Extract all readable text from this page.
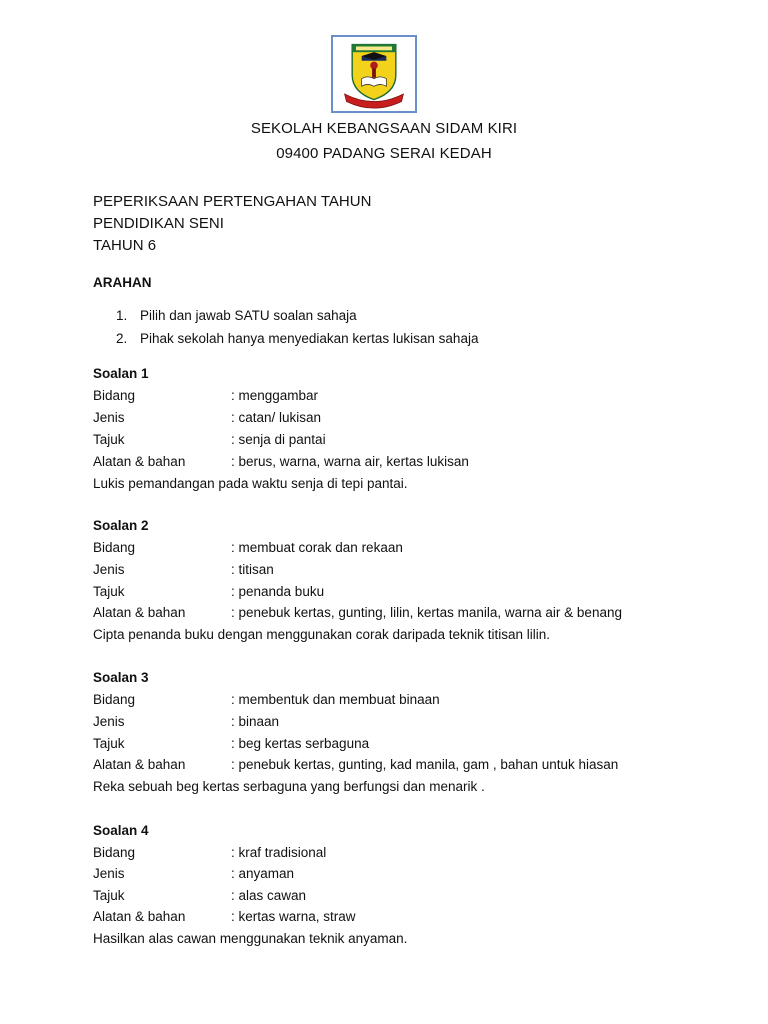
SEKOLAH KEBANGSAAN SIDAM KIRI
09400 PADANG SERAI KEDAH
PEPERIKSAAN PERTENGAHAN TAHUN
PENDIDIKAN SENI
TAHUN 6
ARAHAN
1. Pilih dan jawab SATU soalan sahaja
2. Pihak sekolah hanya menyediakan kertas lukisan sahaja
Soalan 1
Bidang	: menggambar
Jenis	: catan/ lukisan
Tajuk	: senja di pantai
Alatan & bahan	: berus, warna, warna air, kertas lukisan
Lukis pemandangan pada waktu senja di tepi pantai.
Soalan 2
Bidang	: membuat corak dan rekaan
Jenis	: titisan
Tajuk	: penanda buku
Alatan & bahan	: penebuk kertas, gunting, lilin, kertas manila, warna air & benang
Cipta penanda buku dengan menggunakan corak daripada teknik titisan lilin.
Soalan 3
Bidang	: membentuk dan membuat binaan
Jenis	: binaan
Tajuk	: beg kertas serbaguna
Alatan & bahan	: penebuk kertas, gunting, kad manila, gam , bahan untuk hiasan
Reka sebuah beg kertas serbaguna yang berfungsi dan menarik .
Soalan 4
Bidang	: kraf tradisional
Jenis	: anyaman
Tajuk	: alas cawan
Alatan & bahan	: kertas warna, straw
Hasilkan alas cawan menggunakan teknik anyaman.
